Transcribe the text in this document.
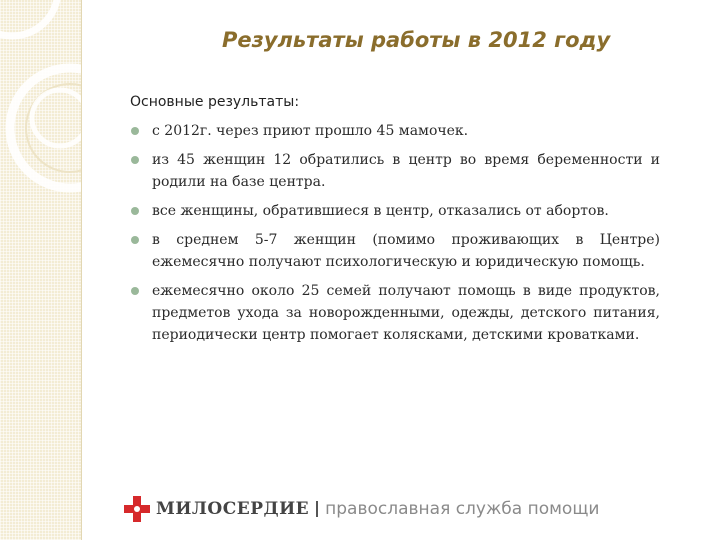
Результаты работы в 2012 году
Основные результаты:
с 2012г. через приют прошло 45 мамочек.
из 45 женщин 12 обратились в центр во время беременности и родили на базе центра.
все женщины, обратившиеся в центр, отказались от абортов.
в среднем 5-7 женщин (помимо проживающих в Центре) ежемесячно получают психологическую и юридическую помощь.
ежемесячно около 25 семей получают помощь в виде продуктов, предметов ухода за новорожденными, одежды, детского питания, периодически центр помогает колясками, детскими кроватками.
МИЛОСЕРДИЕ православная служба помощи
